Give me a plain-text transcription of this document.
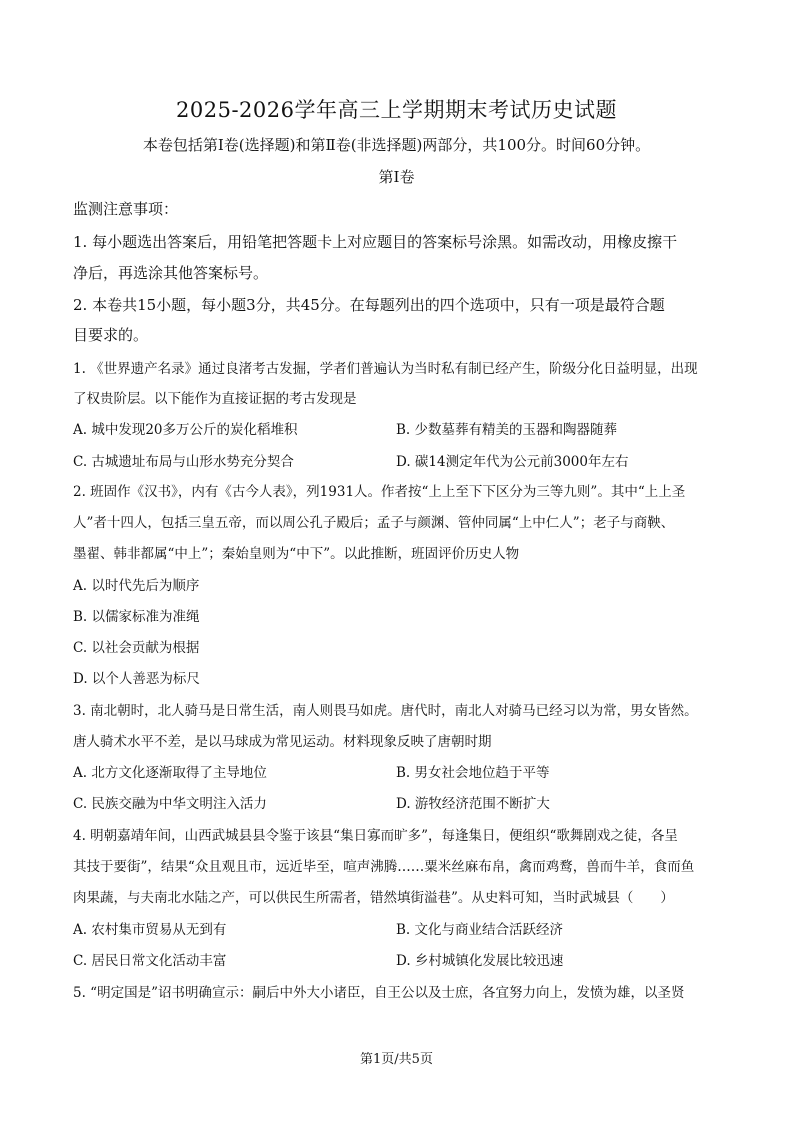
2025-2026学年高三上学期期末考试历史试题
本卷包括第Ⅰ卷(选择题)和第Ⅱ卷(非选择题)两部分，共100分。时间60分钟。
第Ⅰ卷
监测注意事项：
1. 每小题选出答案后，用铅笔把答题卡上对应题目的答案标号涂黑。如需改动，用橡皮擦干
净后，再选涂其他答案标号。
2. 本卷共15小题，每小题3分，共45分。在每题列出的四个选项中，只有一项是最符合题
目要求的。
1. 《世界遗产名录》通过良渚考古发掘，学者们普遍认为当时私有制已经产生，阶级分化日益明显，出现
了权贵阶层。以下能作为直接证据的考古发现是
A. 城中发现20多万公斤的炭化稻堆积	B. 少数墓葬有精美的玉器和陶器随葬
C. 古城遗址布局与山形水势充分契合	D. 碳14测定年代为公元前3000年左右
2. 班固作《汉书》，内有《古今人表》，列1931人。作者按“上上至下下区分为三等九则”。其中“上上圣
人”者十四人，包括三皇五帝，而以周公孔子殿后；孟子与颜渊、管仲同属“上中仁人”；老子与商鞅、
墨翟、韩非都属“中上”；秦始皇则为“中下”。以此推断，班固评价历史人物
A. 以时代先后为顺序
B. 以儒家标准为准绳
C. 以社会贡献为根据
D. 以个人善恶为标尺
3. 南北朝时，北人骑马是日常生活，南人则畏马如虎。唐代时，南北人对骑马已经习以为常，男女皆然。
唐人骑术水平不差，是以马球成为常见运动。材料现象反映了唐朝时期
A. 北方文化逐渐取得了主导地位	B. 男女社会地位趋于平等
C. 民族交融为中华文明注入活力	D. 游牧经济范围不断扩大
4. 明朝嘉靖年间，山西武城县县令鉴于该县“集日寡而旷多”，每逢集日，便组织“歌舞剧戏之徒，各呈
其技于要街”，结果“众且观且市，远近毕至，喧声沸腾……粟米丝麻布帛，禽而鸡鹜，兽而牛羊，食而鱼
肉果蔬，与夫南北水陆之产，可以供民生所需者，错然填街溢巷”。从史料可知，当时武城县（　　）
A. 农村集市贸易从无到有	B. 文化与商业结合活跃经济
C. 居民日常文化活动丰富	D. 乡村城镇化发展比较迅速
5. “明定国是”诏书明确宣示：嗣后中外大小诸臣，自王公以及士庶，各宜努力向上，发愤为雄，以圣贤
第1页/共5页
